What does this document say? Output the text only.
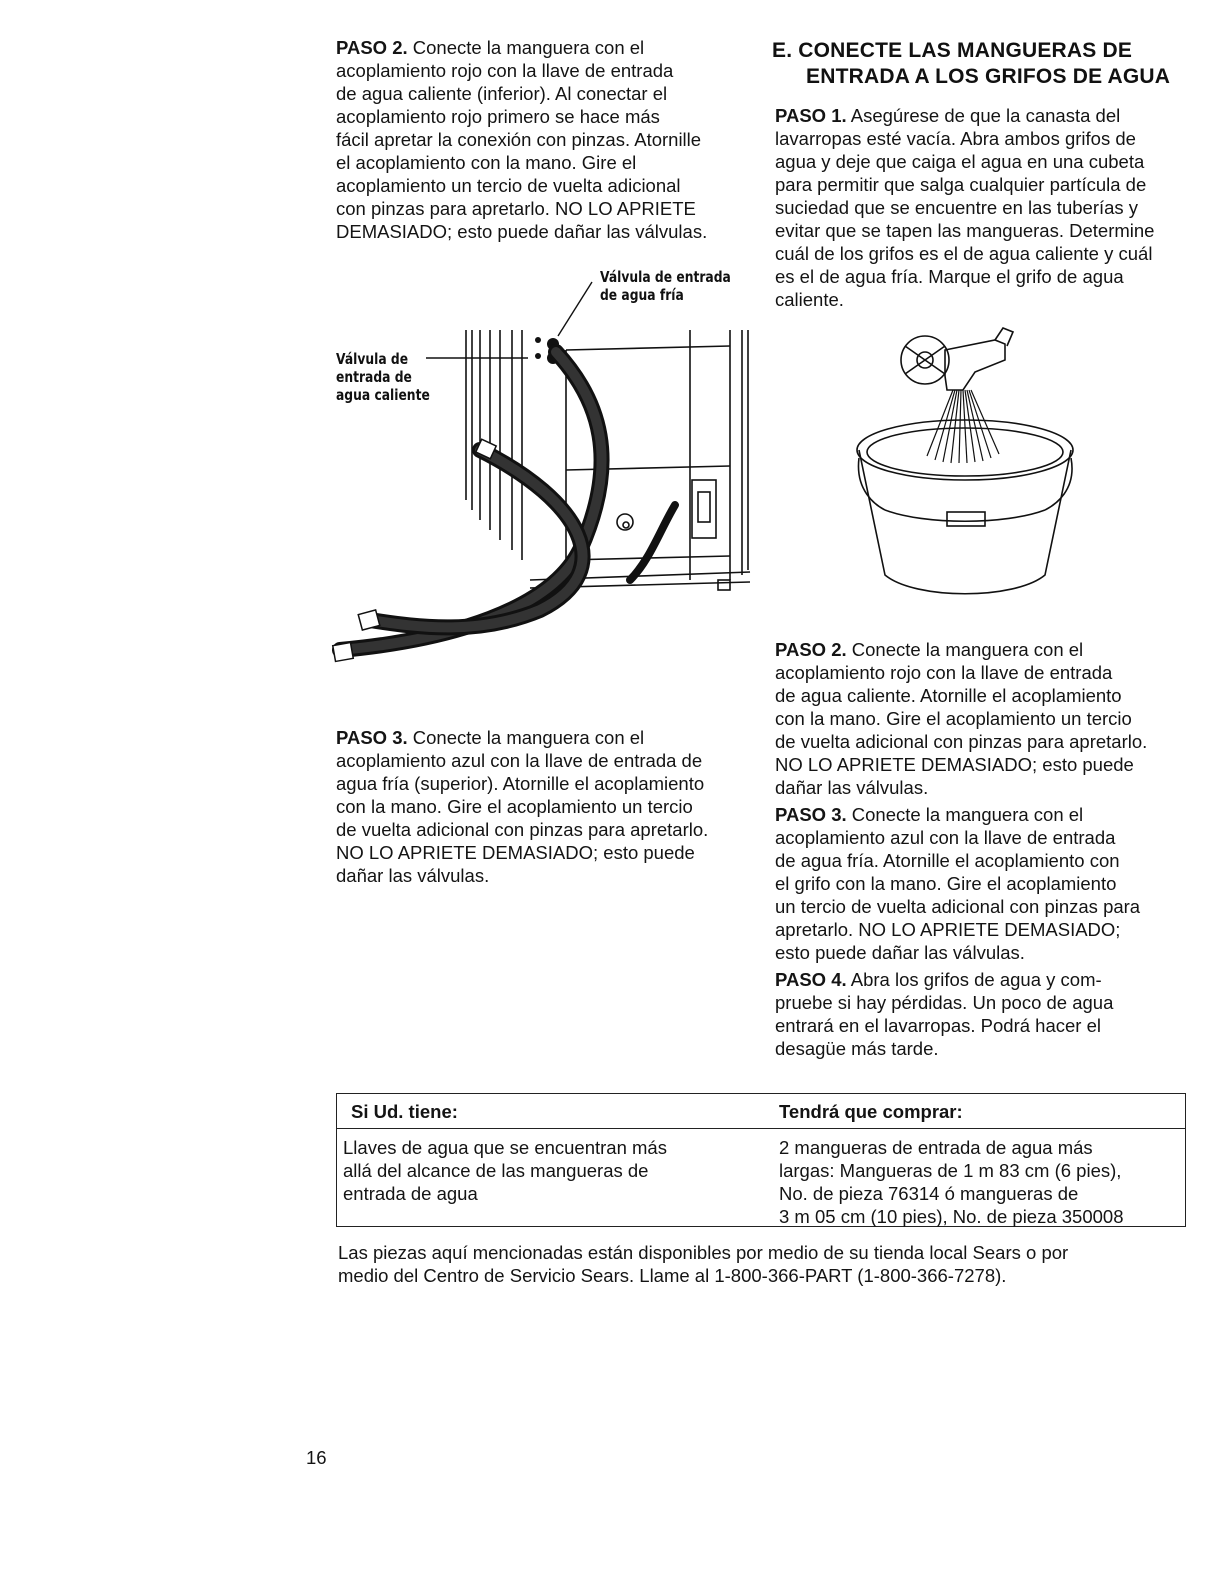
PASO 2. Conecte la manguera con el
acoplamiento rojo con la llave de entrada
de agua caliente (inferior). Al conectar el
acoplamiento rojo primero se hace más
fácil apretar la conexión con pinzas. Atornille
el acoplamiento con la mano. Gire el
acoplamiento un tercio de vuelta adicional
con pinzas para apretarlo. NO LO APRIETE
DEMASIADO; esto puede dañar las válvulas.
Válvula de entrada
de agua fría
Válvula de
entrada de
agua caliente
PASO 3. Conecte la manguera con el
acoplamiento azul con la llave de entrada de
agua fría (superior). Atornille el acoplamiento
con la mano. Gire el acoplamiento un tercio
de vuelta adicional con pinzas para apretarlo.
NO LO APRIETE DEMASIADO; esto puede
dañar las válvulas.
E. CONECTE LAS MANGUERAS DE
ENTRADA A LOS GRIFOS DE AGUA
PASO 1. Asegúrese de que la canasta del
lavarropas esté vacía. Abra ambos grifos de
agua y deje que caiga el agua en una cubeta
para permitir que salga cualquier partícula de
suciedad que se encuentre en las tuberías y
evitar que se tapen las mangueras. Determine
cuál de los grifos es el de agua caliente y cuál
es el de agua fría. Marque el grifo de agua
caliente.
PASO 2. Conecte la manguera con el
acoplamiento rojo con la llave de entrada
de agua caliente. Atornille el acoplamiento
con la mano. Gire el acoplamiento un tercio
de vuelta adicional con pinzas para apretarlo.
NO LO APRIETE DEMASIADO; esto puede
dañar las válvulas.
PASO 3. Conecte la manguera con el
acoplamiento azul con la llave de entrada
de agua fría. Atornille el acoplamiento con
el grifo con la mano. Gire el acoplamiento
un tercio de vuelta adicional con pinzas para
apretarlo. NO LO APRIETE DEMASIADO;
esto puede dañar las válvulas.
PASO 4. Abra los grifos de agua y com-
pruebe si hay pérdidas. Un poco de agua
entrará en el lavarropas. Podrá hacer el
desagüe más tarde.

Si Ud. tiene:	Tendrá que comprar:

Llaves de agua que se encuentran más
allá del alcance de las mangueras de
entrada de agua
2 mangueras de entrada de agua más
largas: Mangueras de 1 m 83 cm (6 pies),
No. de pieza 76314 ó mangueras de
3 m 05 cm (10 pies), No. de pieza 350008
Las piezas aquí mencionadas están disponibles por medio de su tienda local Sears o por
medio del Centro de Servicio Sears. Llame al 1-800-366-PART (1-800-366-7278).

16
